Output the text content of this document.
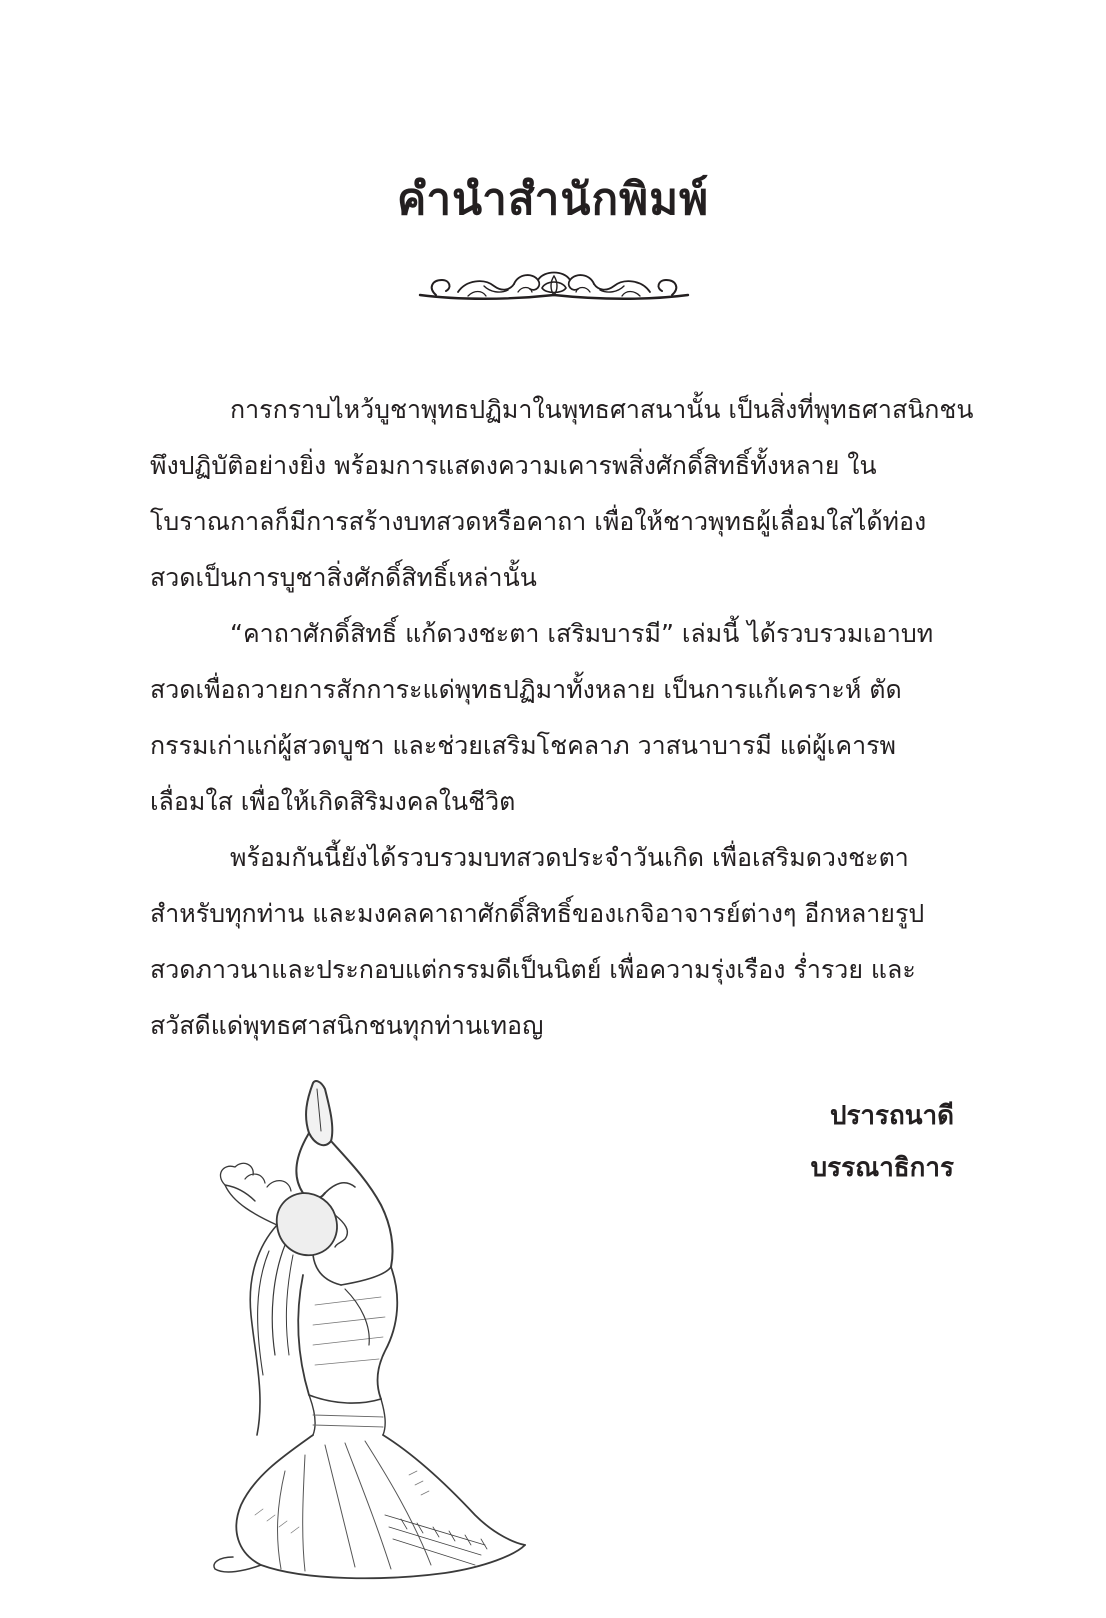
คำนำสำนักพิมพ์
การกราบไหว้บูชาพุทธปฏิมาในพุทธศาสนานั้น เป็นสิ่งที่พุทธศาสนิกชน
พึงปฏิบัติอย่างยิ่ง พร้อมการแสดงความเคารพสิ่งศักดิ์สิทธิ์ทั้งหลาย ใน
โบราณกาลก็มีการสร้างบทสวดหรือคาถา เพื่อให้ชาวพุทธผู้เลื่อมใสได้ท่อง
สวดเป็นการบูชาสิ่งศักดิ์สิทธิ์เหล่านั้น
“คาถาศักดิ์สิทธิ์ แก้ดวงชะตา เสริมบารมี” เล่มนี้ ได้รวบรวมเอาบท
สวดเพื่อถวายการสักการะแด่พุทธปฏิมาทั้งหลาย เป็นการแก้เคราะห์ ตัด
กรรมเก่าแก่ผู้สวดบูชา และช่วยเสริมโชคลาภ วาสนาบารมี แด่ผู้เคารพ
เลื่อมใส เพื่อให้เกิดสิริมงคลในชีวิต
พร้อมกันนี้ยังได้รวบรวมบทสวดประจำวันเกิด เพื่อเสริมดวงชะตา
สำหรับทุกท่าน และมงคลคาถาศักดิ์สิทธิ์ของเกจิอาจารย์ต่างๆ อีกหลายรูป
สวดภาวนาและประกอบแต่กรรมดีเป็นนิตย์ เพื่อความรุ่งเรือง ร่ำรวย และ
สวัสดีแด่พุทธศาสนิกชนทุกท่านเทอญ
ปรารถนาดี
บรรณาธิการ
